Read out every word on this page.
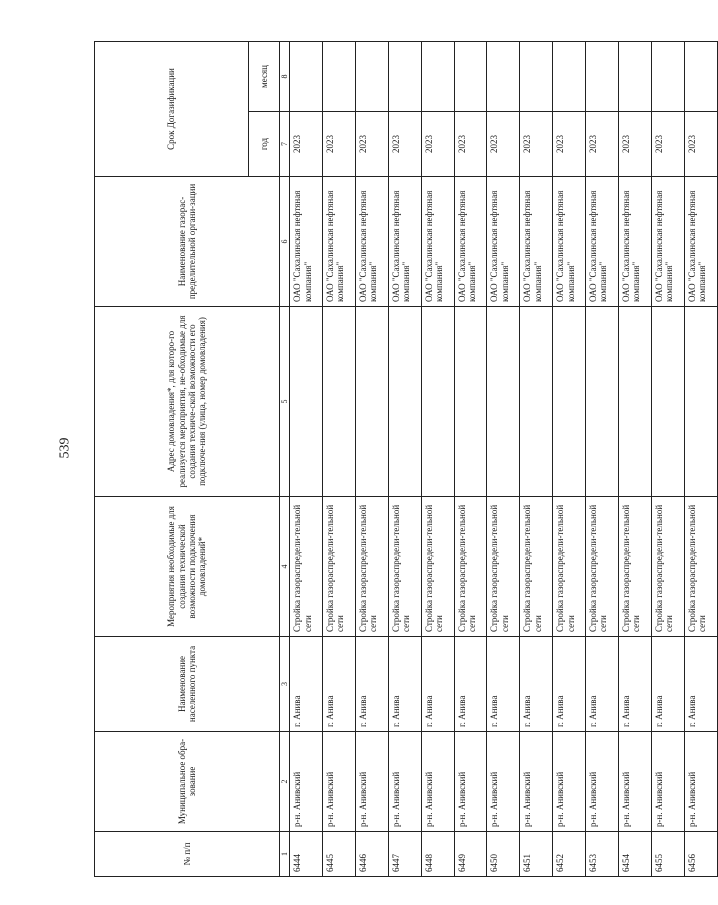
539
№ п/п	Муниципальное обра-зование	Наименование населенного пункта	Мероприятия необходимые для создания технической возможности подключения домовладений*	Адрес домовладения*, для которо-го реализуется мероприятия, не-обходимые для создания техниче-ской возможности его подключе-ния (улица, номер домовладения)	Наименование газорас-пределительной органи-зации	Срок Догазификации	
						год	месяц
1	2	3	4	5	6	7	8
6444	р-н. Анивский	г. Анива	Стройка газораспредели-тельной сети		ОАО "Сахалинская нефтяная компания"	2023	
6445	р-н. Анивский	г. Анива	Стройка газораспредели-тельной сети		ОАО "Сахалинская нефтяная компания"	2023	
6446	р-н. Анивский	г. Анива	Стройка газораспредели-тельной сети		ОАО "Сахалинская нефтяная компания"	2023	
6447	р-н. Анивский	г. Анива	Стройка газораспредели-тельной сети		ОАО "Сахалинская нефтяная компания"	2023	
6448	р-н. Анивский	г. Анива	Стройка газораспредели-тельной сети		ОАО "Сахалинская нефтяная компания"	2023	
6449	р-н. Анивский	г. Анива	Стройка газораспредели-тельной сети		ОАО "Сахалинская нефтяная компания"	2023	
6450	р-н. Анивский	г. Анива	Стройка газораспредели-тельной сети		ОАО "Сахалинская нефтяная компания"	2023	
6451	р-н. Анивский	г. Анива	Стройка газораспредели-тельной сети		ОАО "Сахалинская нефтяная компания"	2023	
6452	р-н. Анивский	г. Анива	Стройка газораспредели-тельной сети		ОАО "Сахалинская нефтяная компания"	2023	
6453	р-н. Анивский	г. Анива	Стройка газораспредели-тельной сети		ОАО "Сахалинская нефтяная компания"	2023	
6454	р-н. Анивский	г. Анива	Стройка газораспредели-тельной сети		ОАО "Сахалинская нефтяная компания"	2023	
6455	р-н. Анивский	г. Анива	Стройка газораспредели-тельной сети		ОАО "Сахалинская нефтяная компания"	2023	
6456	р-н. Анивский	г. Анива	Стройка газораспредели-тельной сети		ОАО "Сахалинская нефтяная компания"	2023	
